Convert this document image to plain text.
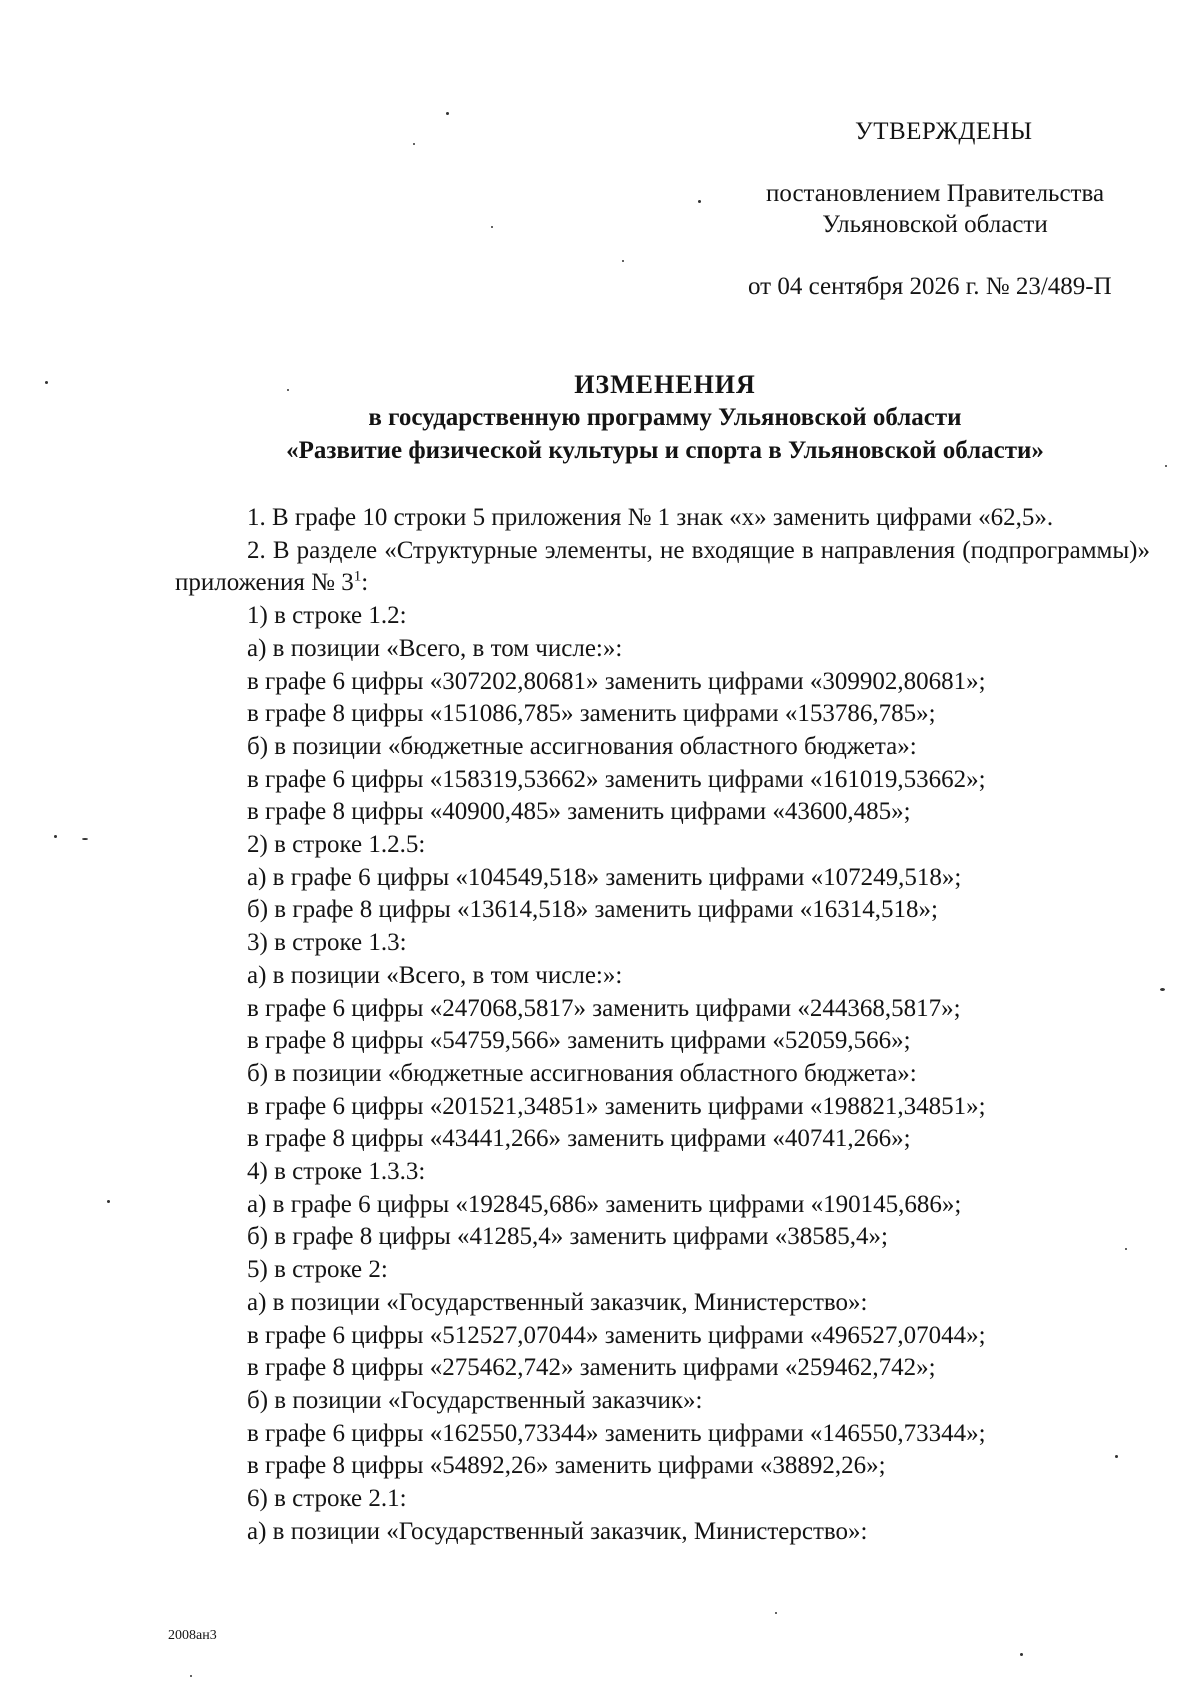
УТВЕРЖДЕНЫ
постановлением Правительства
Ульяновской области
от 04 сентября 2026 г. № 23/489-П
ИЗМЕНЕНИЯ
в государственную программу Ульяновской области
«Развитие физической культуры и спорта в Ульяновской области»

1. В графе 10 строки 5 приложения № 1 знак «х» заменить цифрами «62,5».

2. В разделе «Структурные элементы, не входящие в направления (подпрограммы)» приложения № $3^1$:

1) в строке 1.2:

а) в позиции «Всего, в том числе:»:

в графе 6 цифры «307202,80681» заменить цифрами «309902,80681»;

в графе 8 цифры «151086,785» заменить цифрами «153786,785»;

б) в позиции «бюджетные ассигнования областного бюджета»:

в графе 6 цифры «158319,53662» заменить цифрами «161019,53662»;

в графе 8 цифры «40900,485» заменить цифрами «43600,485»;

2) в строке 1.2.5:

а) в графе 6 цифры «104549,518» заменить цифрами «107249,518»;

б) в графе 8 цифры «13614,518» заменить цифрами «16314,518»;

3) в строке 1.3:

а) в позиции «Всего, в том числе:»:

в графе 6 цифры «247068,5817» заменить цифрами «244368,5817»;

в графе 8 цифры «54759,566» заменить цифрами «52059,566»;

б) в позиции «бюджетные ассигнования областного бюджета»:

в графе 6 цифры «201521,34851» заменить цифрами «198821,34851»;

в графе 8 цифры «43441,266» заменить цифрами «40741,266»;

4) в строке 1.3.3:

а) в графе 6 цифры «192845,686» заменить цифрами «190145,686»;

б) в графе 8 цифры «41285,4» заменить цифрами «38585,4»;

5) в строке 2:

а) в позиции «Государственный заказчик, Министерство»:

в графе 6 цифры «512527,07044» заменить цифрами «496527,07044»;

в графе 8 цифры «275462,742» заменить цифрами «259462,742»;

б) в позиции «Государственный заказчик»:

в графе 6 цифры «162550,73344» заменить цифрами «146550,73344»;

в графе 8 цифры «54892,26» заменить цифрами «38892,26»;

6) в строке 2.1:

а) в позиции «Государственный заказчик, Министерство»:

2008ан3
